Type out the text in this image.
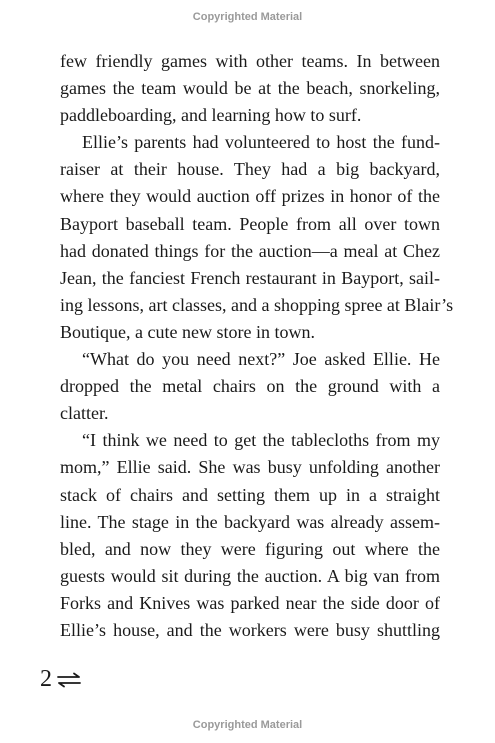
Copyrighted Material
few friendly games with other teams. In between
games the team would be at the beach, snorkeling,
paddleboarding, and learning how to surf.
Ellie’s parents had volunteered to host the fund-
raiser at their house. They had a big backyard,
where they would auction off prizes in honor of the
Bayport baseball team. People from all over town
had donated things for the auction—a meal at Chez
Jean, the fanciest French restaurant in Bayport, sail-
ing lessons, art classes, and a shopping spree at Blair’s
Boutique, a cute new store in town.
“What do you need next?” Joe asked Ellie. He
dropped the metal chairs on the ground with a
clatter.
“I think we need to get the tablecloths from my
mom,” Ellie said. She was busy unfolding another
stack of chairs and setting them up in a straight
line. The stage in the backyard was already assem-
bled, and now they were figuring out where the
guests would sit during the auction. A big van from
Forks and Knives was parked near the side door of
Ellie’s house, and the workers were busy shuttling
2
Copyrighted Material
